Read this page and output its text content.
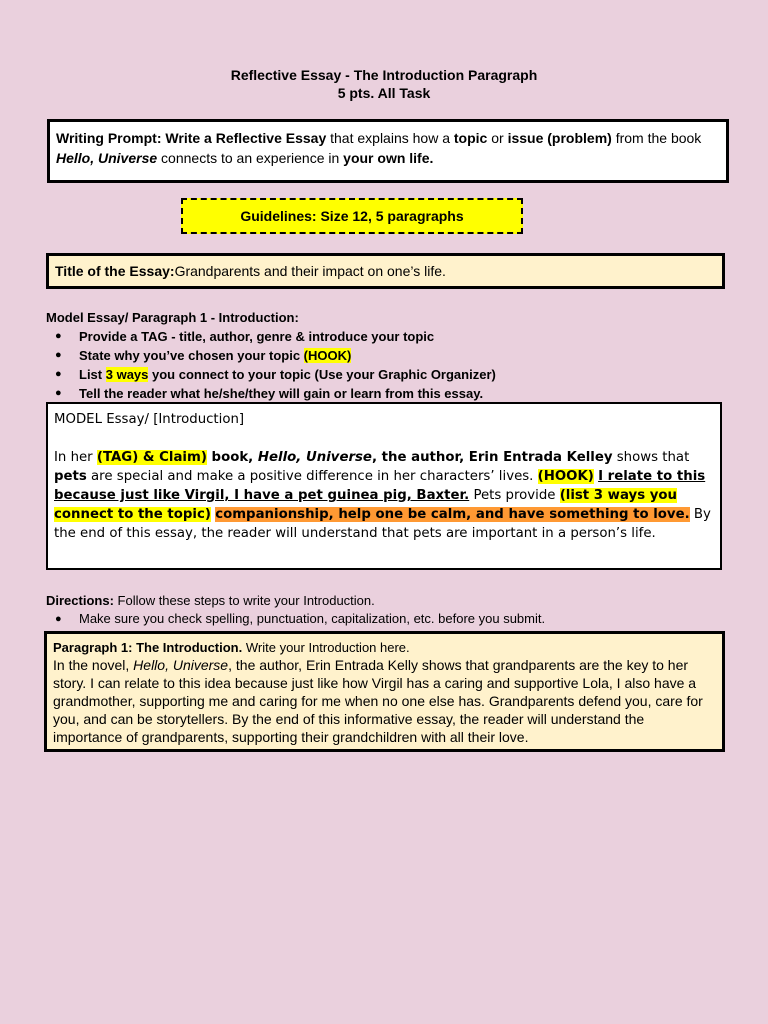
Reflective Essay - The Introduction Paragraph
5 pts. All Task
Writing Prompt: Write a Reflective Essay that explains how a topic or issue (problem) from the book Hello, Universe connects to an experience in your own life.
Guidelines: Size 12, 5 paragraphs
Title of the Essay: Grandparents and their impact on one’s life.
Model Essay/ Paragraph 1 - Introduction:
● Provide a TAG - title, author, genre & introduce your topic
● State why you’ve chosen your topic (HOOK)
● List 3 ways you connect to your topic (Use your Graphic Organizer)
● Tell the reader what he/she/they will gain or learn from this essay.
MODEL Essay/ [Introduction]
In her (TAG) & Claim) book, Hello, Universe, the author, Erin Entrada Kelley shows that pets are special and make a positive difference in her characters’ lives. (HOOK) I relate to this because just like Virgil, I have a pet guinea pig, Baxter. Pets provide (list 3 ways you connect to the topic) companionship, help one be calm, and have something to love. By the end of this essay, the reader will understand that pets are important in a person’s life.
Directions: Follow these steps to write your Introduction.
● Make sure you check spelling, punctuation, capitalization, etc. before you submit.
Paragraph 1: The Introduction. Write your Introduction here.
In the novel, Hello, Universe, the author, Erin Entrada Kelly shows that grandparents are the key to her story. I can relate to this idea because just like how Virgil has a caring and supportive Lola, I also have a grandmother, supporting me and caring for me when no one else has. Grandparents defend you, care for you, and can be storytellers. By the end of this informative essay, the reader will understand the importance of grandparents, supporting their grandchildren with all their love.
